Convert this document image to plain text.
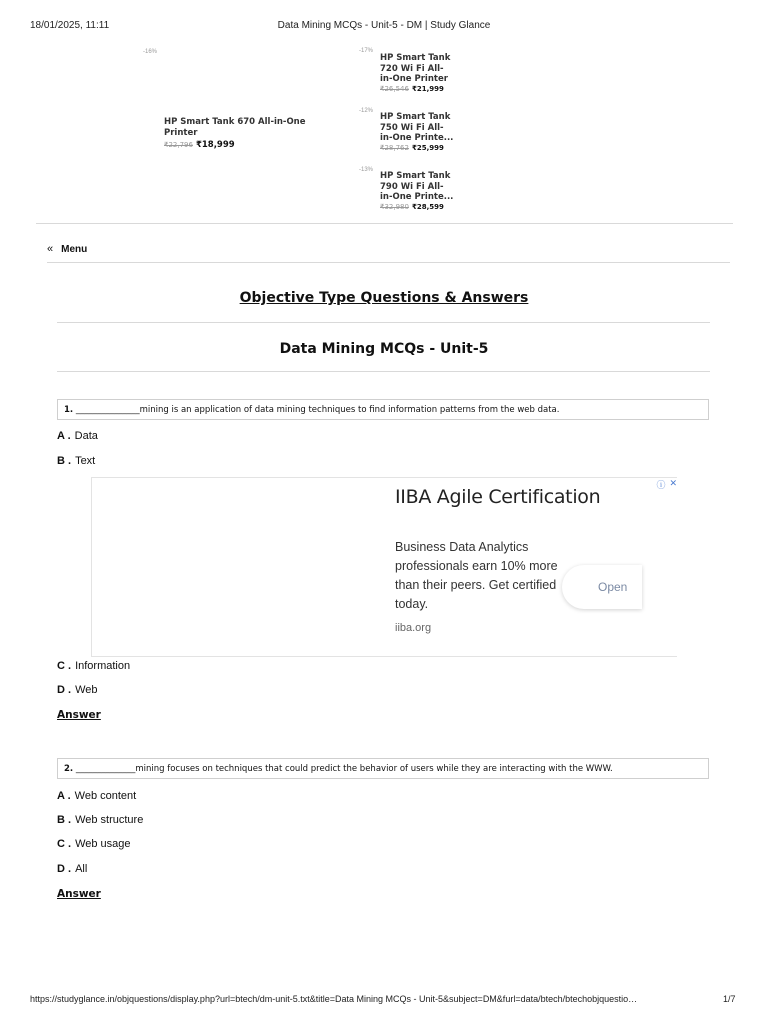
18/01/2025, 11:11	Data Mining MCQs - Unit-5 - DM | Study Glance
-16%
HP Smart Tank 670 All-in-One
Printer
₹22,796 ₹18,999
-17%
HP Smart Tank
720 Wi Fi All-
in-One Printer
₹26,546 ₹21,999
-12%
HP Smart Tank
750 Wi Fi All-
in-One Printe...
₹28,762 ₹25,999
-13%
HP Smart Tank
790 Wi Fi All-
in-One Printe...
₹32,980 ₹28,599
« Menu
Objective Type Questions & Answers
Data Mining MCQs - Unit-5
1. _______________mining is an application of data mining techniques to find information patterns from the web data.
A . Data
B . Text
ⓘ ✕
IIBA Agile Certification
Business Data Analytics professionals earn 10% more than their peers. Get certified today.
iiba.org
Open
C . Information
D . Web
Answer
2. ______________mining focuses on techniques that could predict the behavior of users while they are interacting with the WWW.
A . Web content
B . Web structure
C . Web usage
D . All
Answer
https://studyglance.in/objquestions/display.php?url=btech/dm-unit-5.txt&title=Data Mining MCQs - Unit-5&subject=DM&furl=data/btech/btechobjquestio…	1/7
